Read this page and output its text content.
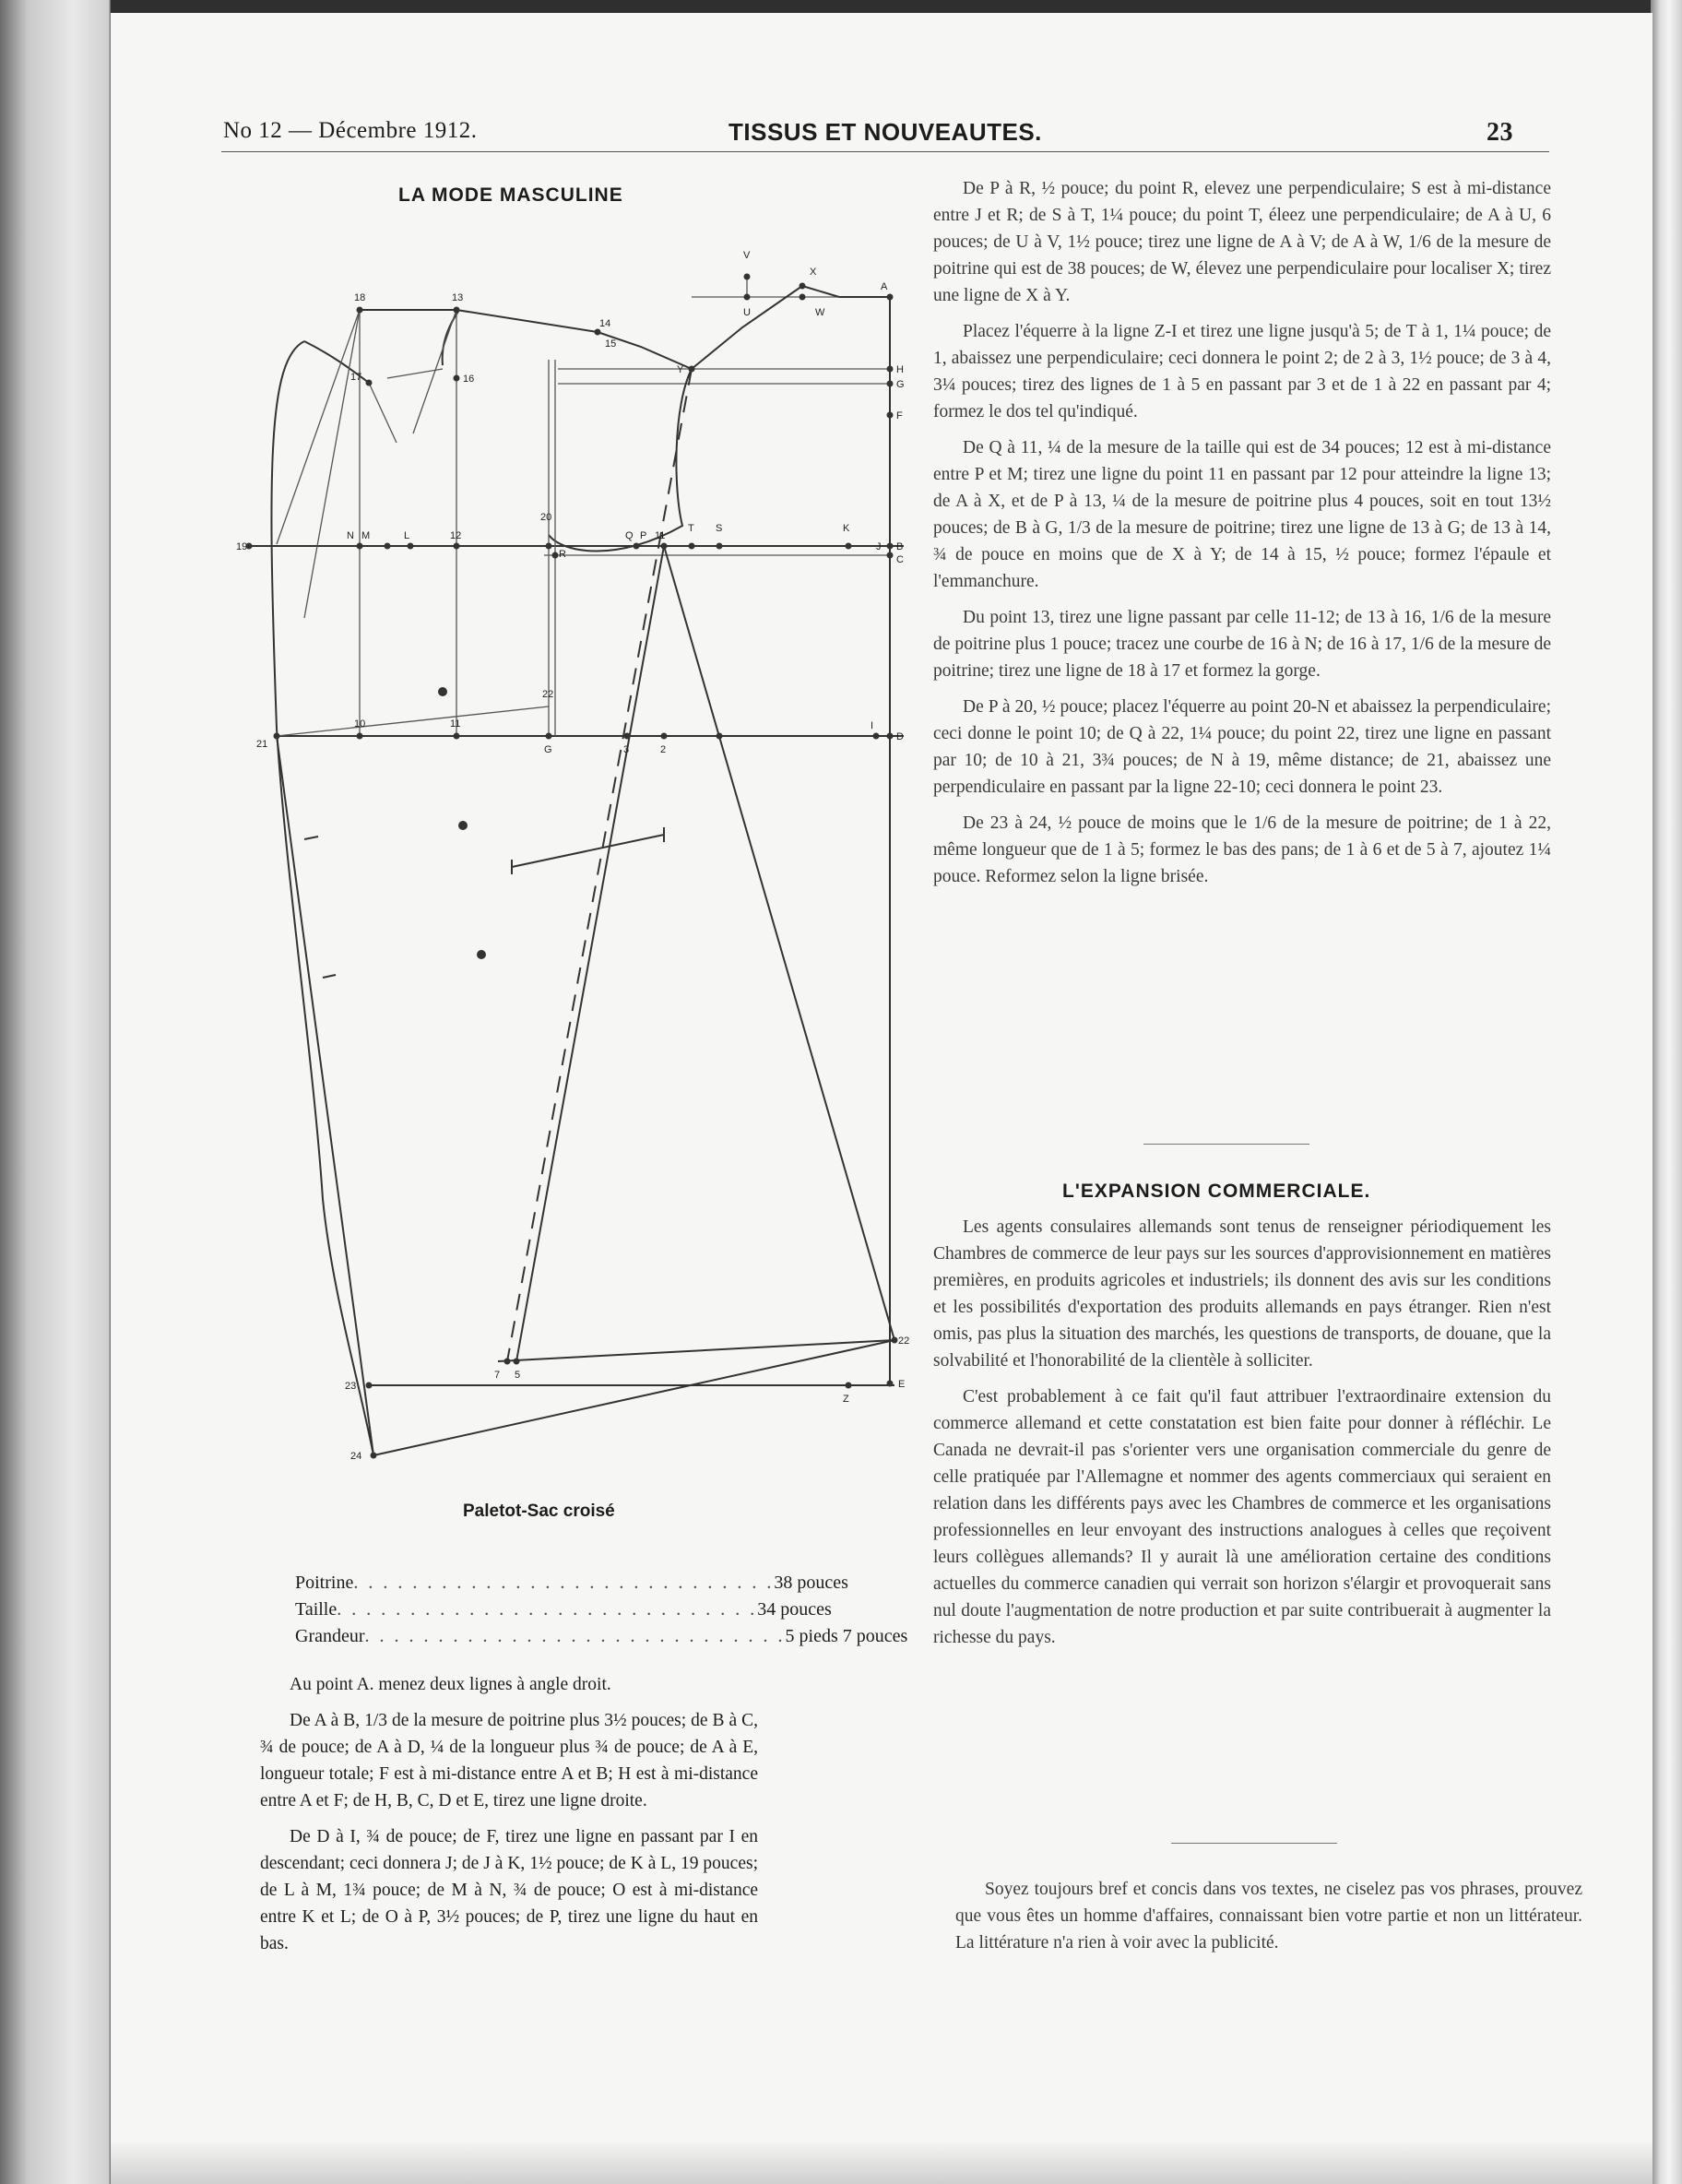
No 12 — Décembre 1912.	TISSUS ET NOUVEAUTES.	23
LA MODE MASCULINE
18	13
14
15
17	16
V
X
A
U	W
Y	H
G
F
19
N M	L	12
20
R
Q P
T S	K
J B
C
11
21
10	11
22
G	3	2
I
D
7 5
22
23
Z
E
24
Paletot-Sac croisé
Poitrine . . . . . . . . . . . . . . . . . . . . . . . . . . . . . 38 pouces
Taille . . . . . . . . . . . . . . . . . . . . . . . . . . . . . 34 pouces
Grandeur . . . . . . . . . . . . . . . . . . . . . . . . . . . . . 5 pieds 7 pouces

Au point A. menez deux lignes à angle droit.

De A à B, 1/3 de la mesure de poitrine plus 3½ pouces; de B à C, ¾ de pouce; de A à D, ¼ de la longueur plus ¾ de pouce; de A à E, longueur totale; F est à mi-distance entre A et B; H est à mi-distance entre A et F; de H, B, C, D et E, tirez une ligne droite.

De D à I, ¾ de pouce; de F, tirez une ligne en passant par I en descendant; ceci donnera J; de J à K, 1½ pouce; de K à L, 19 pouces; de L à M, 1¾ pouce; de M à N, ¾ de pouce; O est à mi-distance entre K et L; de O à P, 3½ pouces; de P, tirez une ligne du haut en bas.

De P à R, ½ pouce; du point R, elevez une perpendiculaire; S est à mi-distance entre J et R; de S à T, 1¼ pouce; du point T, éleez une perpendiculaire; de A à U, 6 pouces; de U à V, 1½ pouce; tirez une ligne de A à V; de A à W, 1/6 de la mesure de poitrine qui est de 38 pouces; de W, élevez une perpendiculaire pour localiser X; tirez une ligne de X à Y.

Placez l'équerre à la ligne Z-I et tirez une ligne jusqu'à 5; de T à 1, 1¼ pouce; de 1, abaissez une perpendiculaire; ceci donnera le point 2; de 2 à 3, 1½ pouce; de 3 à 4, 3¼ pouces; tirez des lignes de 1 à 5 en passant par 3 et de 1 à 22 en passant par 4; formez le dos tel qu'indiqué.

De Q à 11, ¼ de la mesure de la taille qui est de 34 pouces; 12 est à mi-distance entre P et M; tirez une ligne du point 11 en passant par 12 pour atteindre la ligne 13; de A à X, et de P à 13, ¼ de la mesure de poitrine plus 4 pouces, soit en tout 13½ pouces; de B à G, 1/3 de la mesure de poitrine; tirez une ligne de 13 à G; de 13 à 14, ¾ de pouce en moins que de X à Y; de 14 à 15, ½ pouce; formez l'épaule et l'emmanchure.

Du point 13, tirez une ligne passant par celle 11-12; de 13 à 16, 1/6 de la mesure de poitrine plus 1 pouce; tracez une courbe de 16 à N; de 16 à 17, 1/6 de la mesure de poitrine; tirez une ligne de 18 à 17 et formez la gorge.

De P à 20, ½ pouce; placez l'équerre au point 20-N et abaissez la perpendiculaire; ceci donne le point 10; de Q à 22, 1¼ pouce; du point 22, tirez une ligne en passant par 10; de 10 à 21, 3¾ pouces; de N à 19, même distance; de 21, abaissez une perpendiculaire en passant par la ligne 22-10; ceci donnera le point 23.

De 23 à 24, ½ pouce de moins que le 1/6 de la mesure de poitrine; de 1 à 22, même longueur que de 1 à 5; formez le bas des pans; de 1 à 6 et de 5 à 7, ajoutez 1¼ pouce. Reformez selon la ligne brisée.

L'EXPANSION COMMERCIALE.

Les agents consulaires allemands sont tenus de renseigner périodiquement les Chambres de commerce de leur pays sur les sources d'approvisionnement en matières premières, en produits agricoles et industriels; ils donnent des avis sur les conditions et les possibilités d'exportation des produits allemands en pays étranger. Rien n'est omis, pas plus la situation des marchés, les questions de transports, de douane, que la solvabilité et l'honorabilité de la clientèle à solliciter.

C'est probablement à ce fait qu'il faut attribuer l'extraordinaire extension du commerce allemand et cette constatation est bien faite pour donner à réfléchir. Le Canada ne devrait-il pas s'orienter vers une organisation commerciale du genre de celle pratiquée par l'Allemagne et nommer des agents commerciaux qui seraient en relation dans les différents pays avec les Chambres de commerce et les organisations professionnelles en leur envoyant des instructions analogues à celles que reçoivent leurs collègues allemands? Il y aurait là une amélioration certaine des conditions actuelles du commerce canadien qui verrait son horizon s'élargir et provoquerait sans nul doute l'augmentation de notre production et par suite contribuerait à augmenter la richesse du pays.

Soyez toujours bref et concis dans vos textes, ne ciselez pas vos phrases, prouvez que vous êtes un homme d'affaires, connaissant bien votre partie et non un littérateur. La littérature n'a rien à voir avec la publicité.
